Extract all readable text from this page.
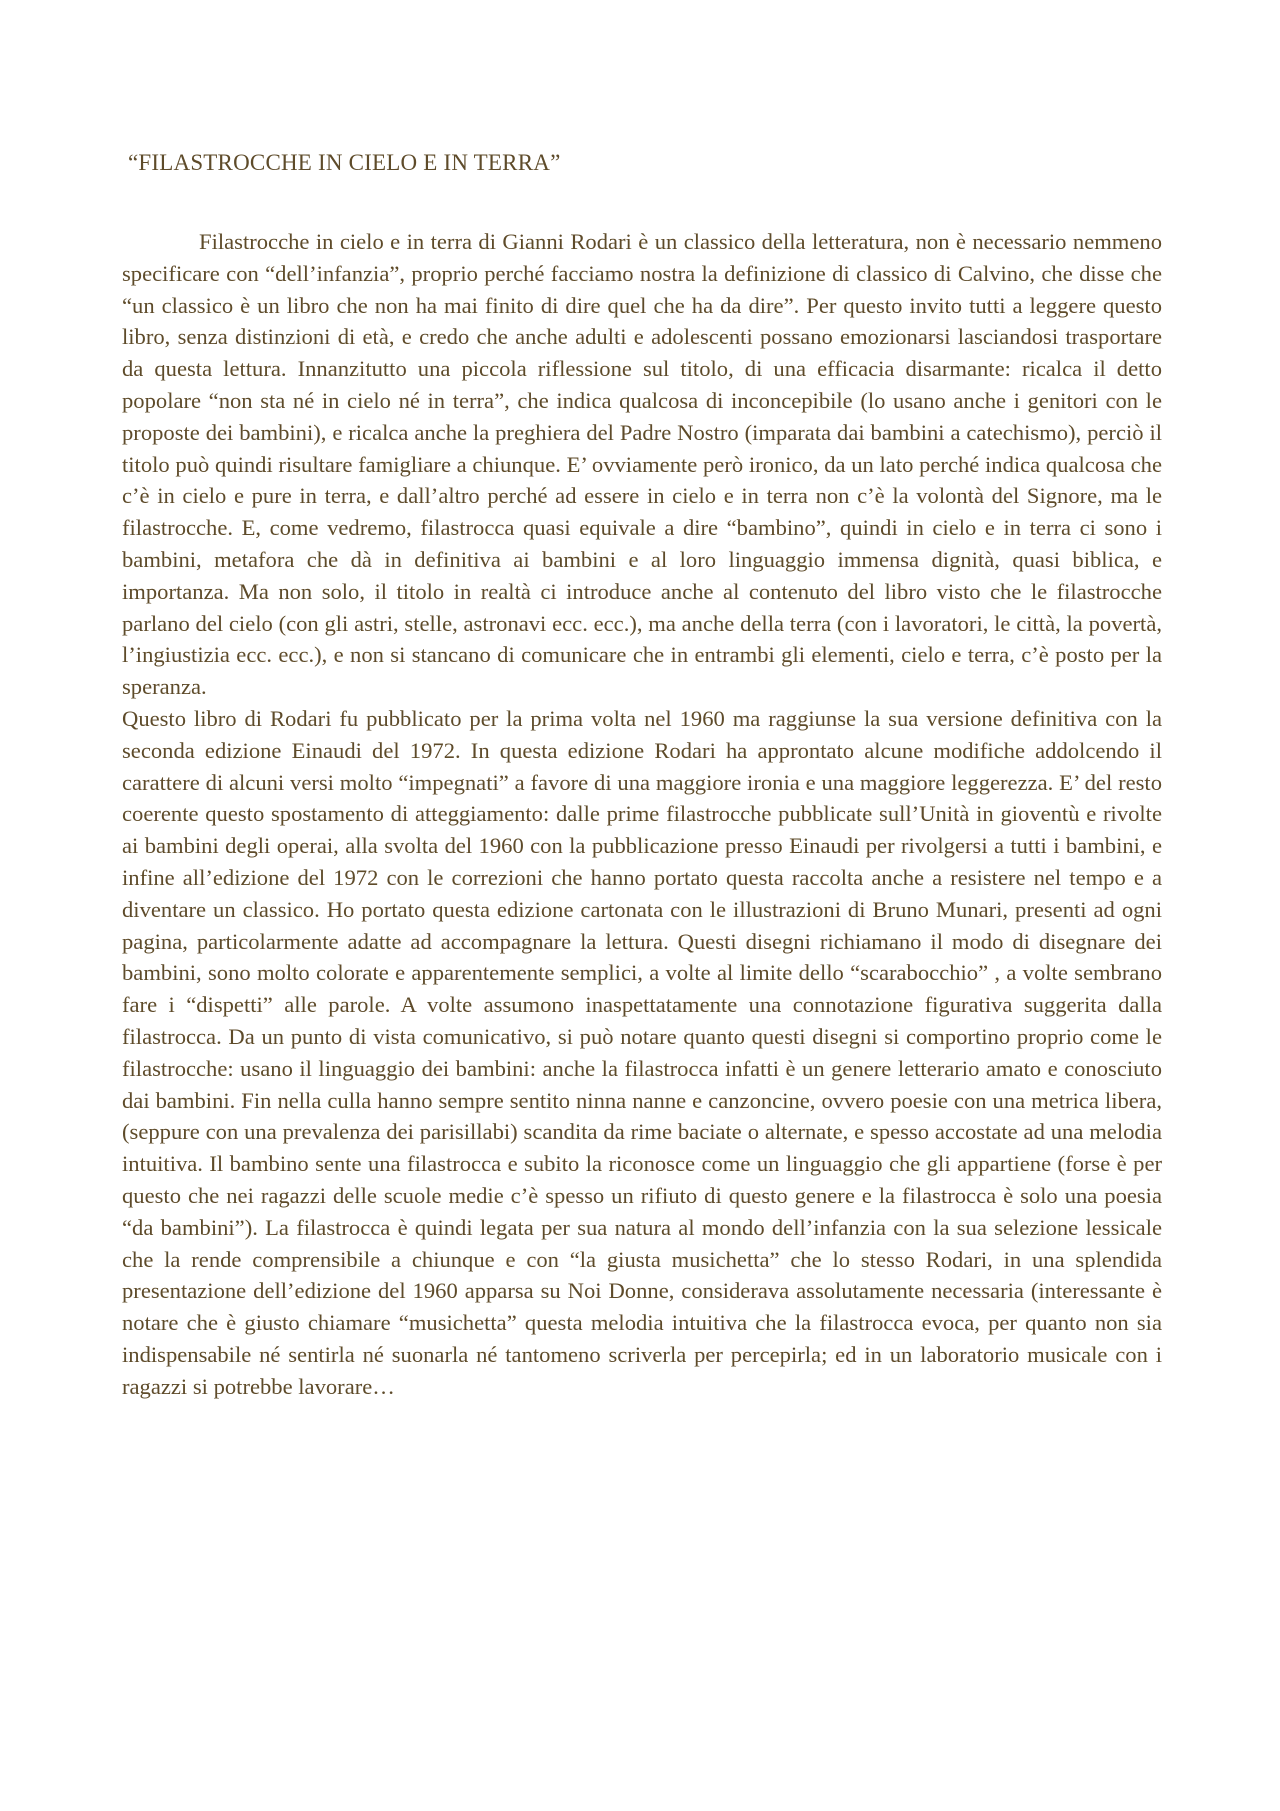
“FILASTROCCHE IN CIELO E IN TERRA”

Filastrocche in cielo e in terra di Gianni Rodari è un classico della letteratura, non è necessario nemmeno specificare con “dell’infanzia”, proprio perché facciamo nostra la definizione di classico di Calvino, che disse che “un classico è un libro che non ha mai finito di dire quel che ha da dire”. Per questo invito tutti a leggere questo libro, senza distinzioni di età, e credo che anche adulti e adolescenti possano emozionarsi lasciandosi trasportare da questa lettura. Innanzitutto una piccola riflessione sul titolo, di una efficacia disarmante: ricalca il detto popolare “non sta né in cielo né in terra”, che indica qualcosa di inconcepibile (lo usano anche i genitori con le proposte dei bambini), e ricalca anche la preghiera del Padre Nostro (imparata dai bambini a catechismo), perciò il titolo può quindi risultare famigliare a chiunque. E’ ovviamente però ironico, da un lato perché indica qualcosa che c’è in cielo e pure in terra, e dall’altro perché ad essere in cielo e in terra non c’è la volontà del Signore, ma le filastrocche. E, come vedremo, filastrocca quasi equivale a dire “bambino”, quindi in cielo e in terra ci sono i bambini, metafora che dà in definitiva ai bambini e al loro linguaggio immensa dignità, quasi biblica, e importanza. Ma non solo, il titolo in realtà ci introduce anche al contenuto del libro visto che le filastrocche parlano del cielo (con gli astri, stelle, astronavi ecc. ecc.), ma anche della terra (con i lavoratori, le città, la povertà, l’ingiustizia ecc. ecc.), e non si stancano di comunicare che in entrambi gli elementi, cielo e terra, c’è posto per la speranza.

Questo libro di Rodari fu pubblicato per la prima volta nel 1960 ma raggiunse la sua versione definitiva con la seconda edizione Einaudi del 1972. In questa edizione Rodari ha approntato alcune modifiche addolcendo il carattere di alcuni versi molto “impegnati” a favore di una maggiore ironia e una maggiore leggerezza. E’ del resto coerente questo spostamento di atteggiamento: dalle prime filastrocche pubblicate sull’Unità in gioventù e rivolte ai bambini degli operai, alla svolta del 1960 con la pubblicazione presso Einaudi per rivolgersi a tutti i bambini, e infine all’edizione del 1972 con le correzioni che hanno portato questa raccolta anche a resistere nel tempo e a diventare un classico. Ho portato questa edizione cartonata con le illustrazioni di Bruno Munari, presenti ad ogni pagina, particolarmente adatte ad accompagnare la lettura. Questi disegni richiamano il modo di disegnare dei bambini, sono molto colorate e apparentemente semplici, a volte al limite dello “scarabocchio” , a volte sembrano fare i “dispetti” alle parole. A volte assumono inaspettatamente una connotazione figurativa suggerita dalla filastrocca. Da un punto di vista comunicativo, si può notare quanto questi disegni si comportino proprio come le filastrocche: usano il linguaggio dei bambini: anche la filastrocca infatti è un genere letterario amato e conosciuto dai bambini. Fin nella culla hanno sempre sentito ninna nanne e canzoncine, ovvero poesie con una metrica libera, (seppure con una prevalenza dei parisillabi) scandita da rime baciate o alternate, e spesso accostate ad una melodia intuitiva. Il bambino sente una filastrocca e subito la riconosce come un linguaggio che gli appartiene (forse è per questo che nei ragazzi delle scuole medie c’è spesso un rifiuto di questo genere e la filastrocca è solo una poesia “da bambini”). La filastrocca è quindi legata per sua natura al mondo dell’infanzia con la sua selezione lessicale che la rende comprensibile a chiunque e con “la giusta musichetta” che lo stesso Rodari, in una splendida presentazione dell’edizione del 1960 apparsa su Noi Donne, considerava assolutamente necessaria (interessante è notare che è giusto chiamare “musichetta” questa melodia intuitiva che la filastrocca evoca, per quanto non sia indispensabile né sentirla né suonarla né tantomeno scriverla per percepirla; ed in un laboratorio musicale con i ragazzi si potrebbe lavorare…
